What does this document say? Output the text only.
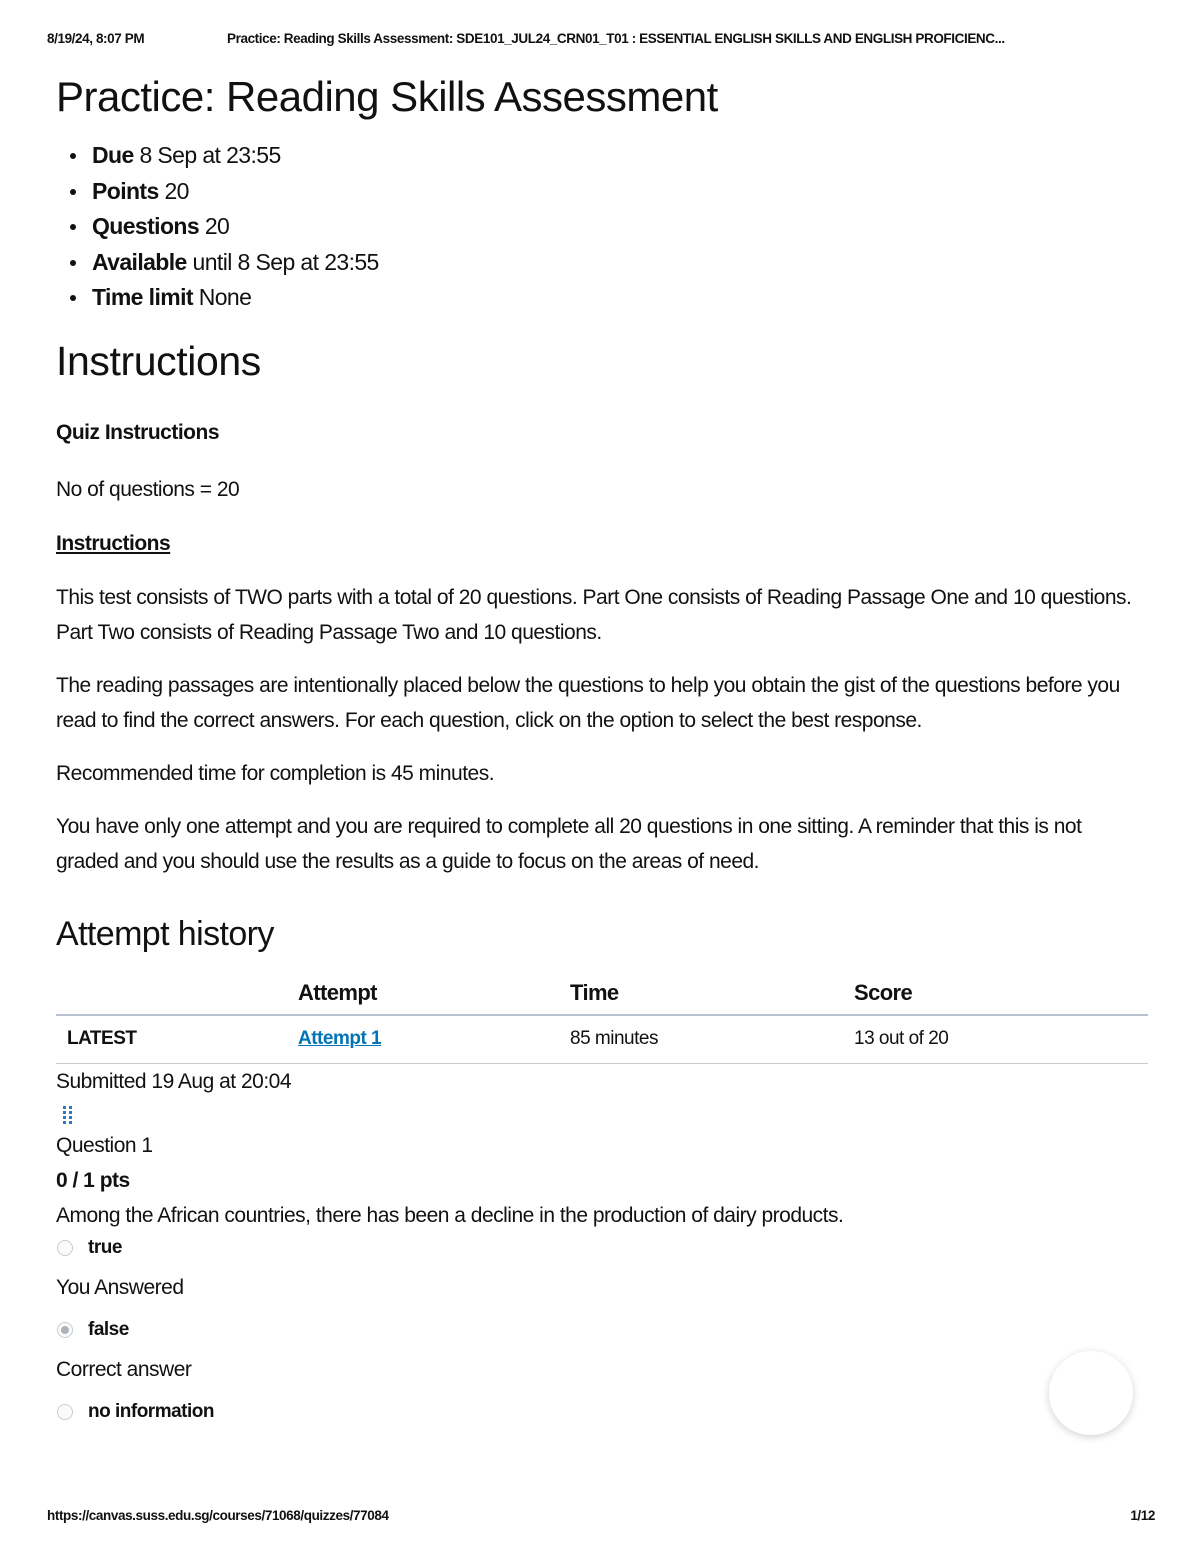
8/19/24, 8:07 PM	Practice: Reading Skills Assessment: SDE101_JUL24_CRN01_T01 : ESSENTIAL ENGLISH SKILLS AND ENGLISH PROFICIENC...
Practice: Reading Skills Assessment
Due 8 Sep at 23:55
Points 20
Questions 20
Available until 8 Sep at 23:55
Time limit None
Instructions

Quiz Instructions

No of questions = 20

Instructions

This test consists of TWO parts with a total of 20 questions. Part One consists of Reading Passage One and 10 questions. Part Two consists of Reading Passage Two and 10 questions.

The reading passages are intentionally placed below the questions to help you obtain the gist of the questions before you read to find the correct answers. For each question, click on the option to select the best response.

Recommended time for completion is 45 minutes.

You have only one attempt and you are required to complete all 20 questions in one sitting. A reminder that this is not graded and you should use the results as a guide to focus on the areas of need.

Attempt history
	Attempt	Time	Score
LATEST	Attempt 1	85 minutes	13 out of 20
Submitted 19 Aug at 20:04

Question 1

0 / 1 pts

Among the African countries, there has been a decline in the production of dairy products.

true
You Answered
false
Correct answer
no information
https://canvas.suss.edu.sg/courses/71068/quizzes/77084	1/12
